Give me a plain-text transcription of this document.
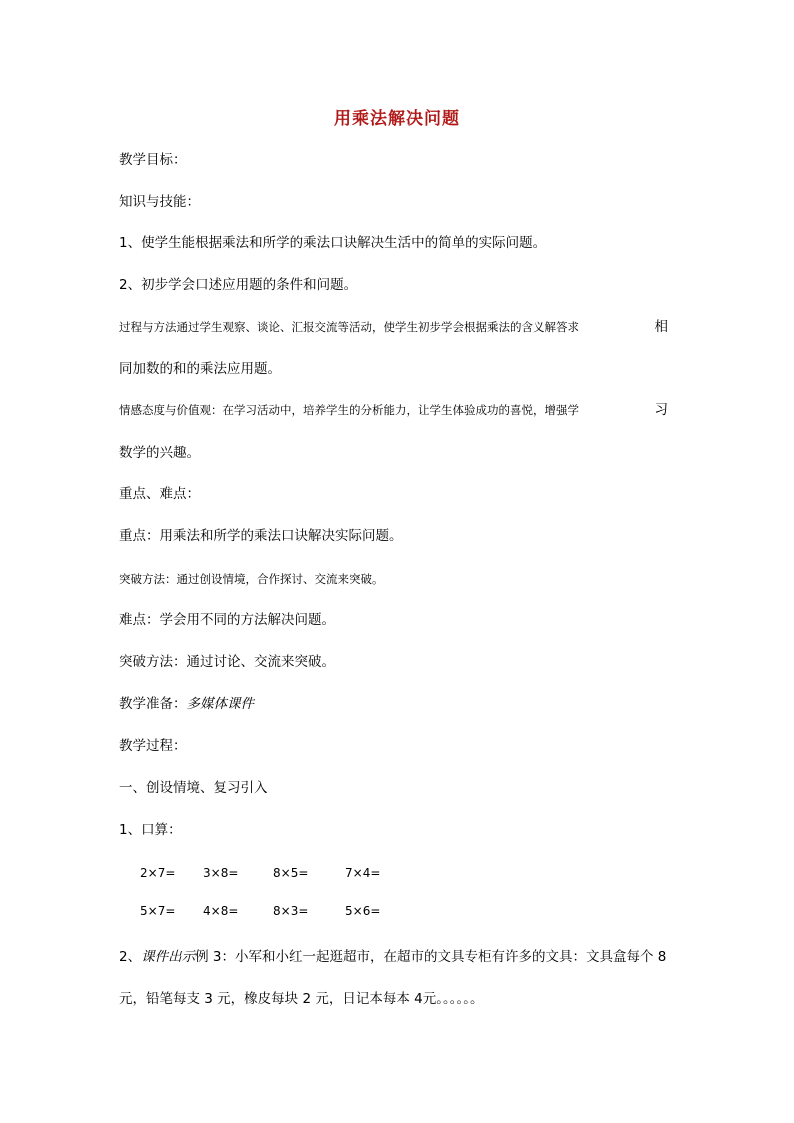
用乘法解决问题
教学目标：
知识与技能：
1、使学生能根据乘法和所学的乘法口诀解决生活中的简单的实际问题。
2、初步学会口述应用题的条件和问题。
过程与方法通过学生观察、谈论、汇报交流等活动，使学生初步学会根据乘法的含义解答求	相
同加数的和的乘法应用题。
情感态度与价值观：在学习活动中，培养学生的分析能力，让学生体验成功的喜悦，增强学	习
数学的兴趣。
重点、难点：
重点：用乘法和所学的乘法口诀解决实际问题。
突破方法：通过创设情境，合作探讨、交流来突破。
难点：学会用不同的方法解决问题。
突破方法：通过讨论、交流来突破。
教学准备：多媒体课件
教学过程：
一、创设情境、复习引入
1、口算：
2×7= 3×8=	8×5=	7×4=
5×7= 4×8=	8×3=	5×6=
2、课件出示例 3：小军和小红一起逛超市，在超市的文具专柜有许多的文具：文具盒每个 8
元，铅笔每支 3 元，橡皮每块 2 元，日记本每本 4元。。。。。。
